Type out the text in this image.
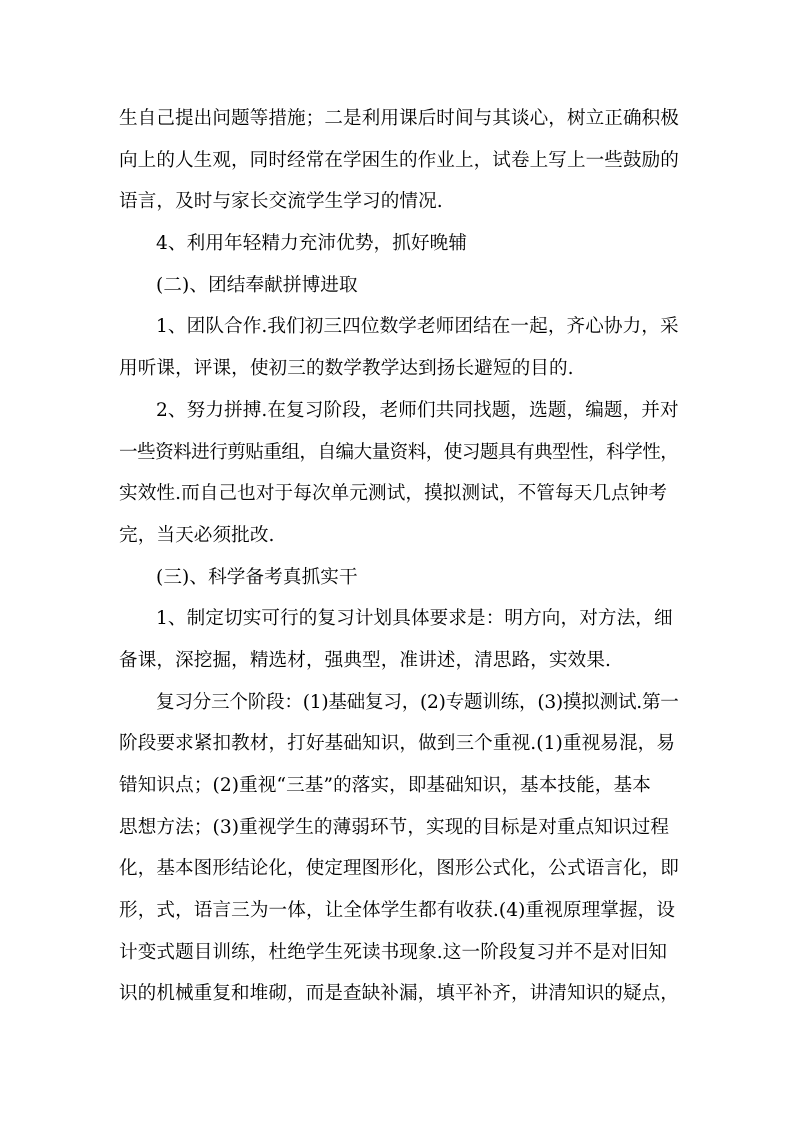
生自己提出问题等措施；二是利用课后时间与其谈心，树立正确积极
向上的人生观，同时经常在学困生的作业上，试卷上写上一些鼓励的
语言，及时与家长交流学生学习的情况.
4、利用年轻精力充沛优势，抓好晚辅
(二)、团结奉献拼博进取
1、团队合作.我们初三四位数学老师团结在一起，齐心协力，采
用听课，评课，使初三的数学教学达到扬长避短的目的.
2、努力拼搏.在复习阶段，老师们共同找题，选题，编题，并对
一些资料进行剪贴重组，自编大量资料，使习题具有典型性，科学性，
实效性.而自己也对于每次单元测试，摸拟测试，不管每天几点钟考
完，当天必须批改.
(三)、科学备考真抓实干
1、制定切实可行的复习计划具体要求是：明方向，对方法，细
备课，深挖掘，精选材，强典型，准讲述，清思路，实效果.
复习分三个阶段：(1)基础复习，(2)专题训练，(3)摸拟测试.第一
阶段要求紧扣教材，打好基础知识，做到三个重视.(1)重视易混，易
错知识点；(2)重视“三基”的落实，即基础知识，基本技能，基本
思想方法；(3)重视学生的薄弱环节，实现的目标是对重点知识过程
化，基本图形结论化，使定理图形化，图形公式化，公式语言化，即
形，式，语言三为一体，让全体学生都有收获.(4)重视原理掌握，设
计变式题目训练，杜绝学生死读书现象.这一阶段复习并不是对旧知
识的机械重复和堆砌，而是查缺补漏，填平补齐，讲清知识的疑点，
